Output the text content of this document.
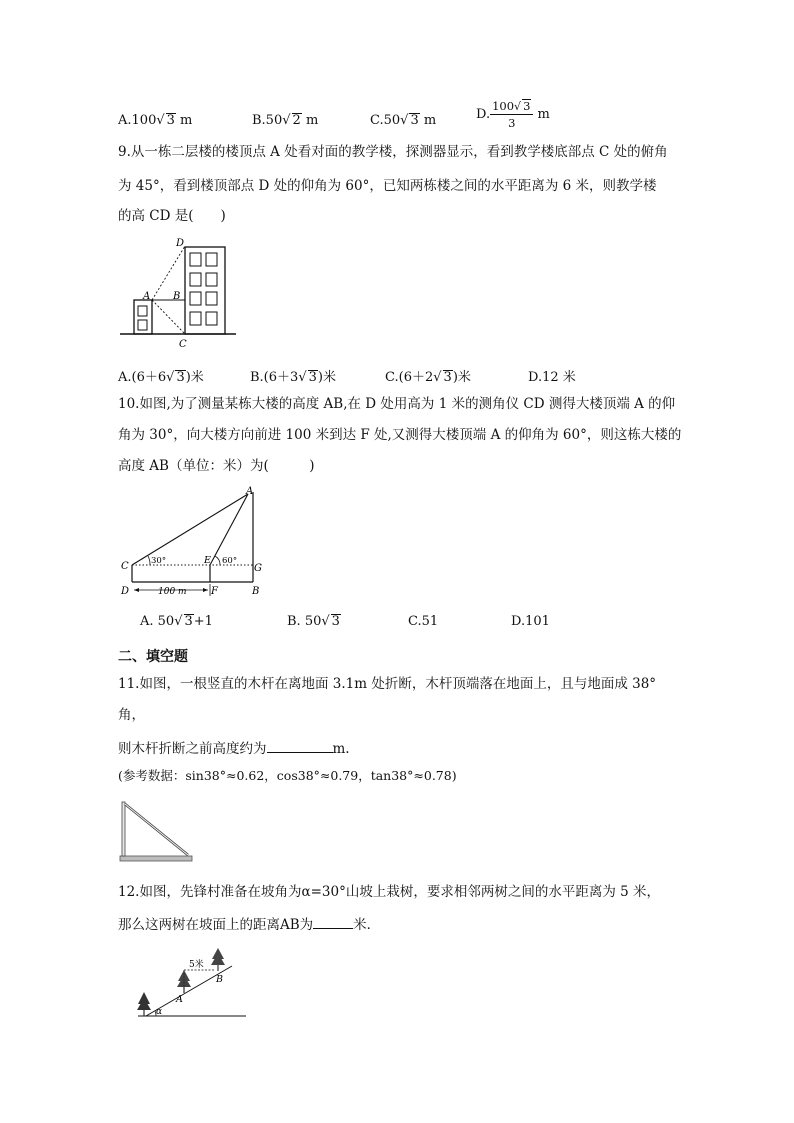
A.100√ 3 m	B.50√ 2 m	C.50√ 3 m	D. $\frac{100√ 3}{3}$ m
9.从一栋二层楼的楼顶点 A 处看对面的教学楼，探测器显示，看到教学楼底部点 C 处的俯角
为 45°，看到楼顶部点 D 处的仰角为 60°，已知两栋楼之间的水平距离为 6 米，则教学楼
的高 CD 是(　　)
D
A B
C
A.(6＋6√ 3)米	B.(6＋3√ 3)米	C.(6＋2√ 3)米	D.12 米
10.如图,为了测量某栋大楼的高度 AB,在 D 处用高为 1 米的测角仪 CD 测得大楼顶端 A 的仰
角为 30°，向大楼方向前进 100 米到达 F 处,又测得大楼顶端 A 的仰角为 60°，则这栋大楼的
高度 AB（单位：米）为(　　　)
A
C
E
G
D	F	B
30°	60°
100 m
A. 50√ 3+1	B. 50√ 3	C.51	D.101
二、填空题
11.如图，一根竖直的木杆在离地面 3.1m 处折断，木杆顶端落在地面上，且与地面成 38°
角，
则木杆折断之前高度约为	m.
(参考数据：sin38°≈0.62，cos38°≈0.79，tan38°≈0.78)
12.如图，先锋村准备在坡角为α=30°山坡上栽树，要求相邻两树之间的水平距离为 5 米，
那么这两树在坡面上的距离AB为	米．
5米
A
B
α
